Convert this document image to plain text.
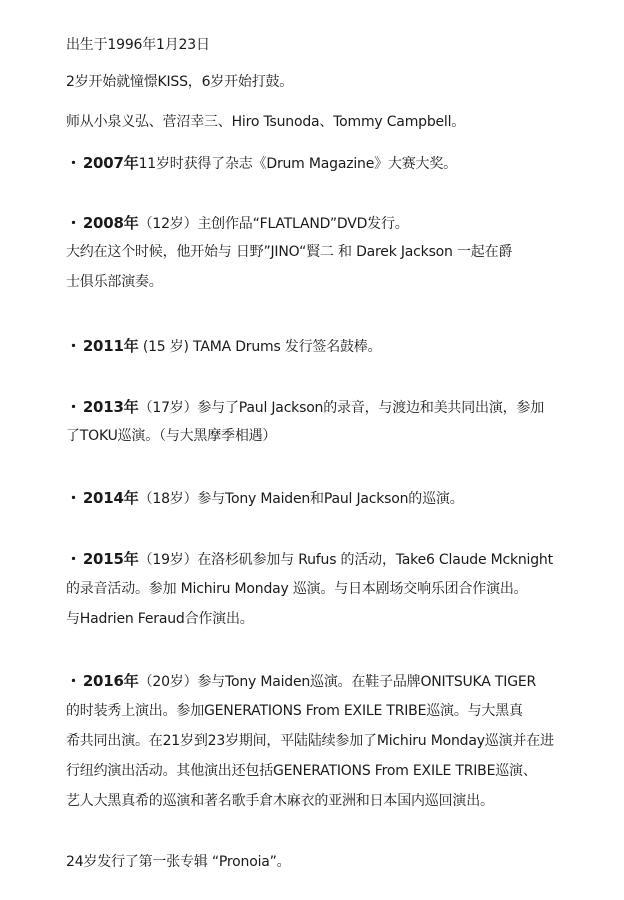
出生于1996年1月23日
2岁开始就憧憬KISS，6岁开始打鼓。
师从小泉义弘、菅沼幸三、Hiro Tsunoda、Tommy Campbell。
・ 2007年11岁时获得了杂志《Drum Magazine》大赛大奖。
・ 2008年（12岁）主创作品“FLATLAND”DVD发行。
大约在这个时候，他开始与 日野”JINO“賢二 和 Darek Jackson 一起在爵
士俱乐部演奏。
・ 2011年 (15 岁) TAMA Drums 发行签名鼓棒。
・ 2013年（17岁）参与了Paul Jackson的录音，与渡边和美共同出演，参加
了TOKU巡演。（与大黑摩季相遇）
・ 2014年（18岁）参与Tony Maiden和Paul Jackson的巡演。
・ 2015年（19岁）在洛杉矶参加与 Rufus 的活动，Take6 Claude Mcknight
的录音活动。参加 Michiru Monday 巡演。与日本剧场交响乐团合作演出。
与Hadrien Feraud合作演出。
・ 2016年（20岁）参与Tony Maiden巡演。在鞋子品牌ONITSUKA TIGER
的时装秀上演出。参加GENERATIONS From EXILE TRIBE巡演。与大黑真
希共同出演。在21岁到23岁期间，平陆陆续参加了Michiru Monday巡演并在进
行纽约演出活动。其他演出还包括GENERATIONS From EXILE TRIBE巡演、
艺人大黑真希的巡演和著名歌手倉木麻衣的亚洲和日本国内巡回演出。
24岁发行了第一张专辑 “Pronoia”。
